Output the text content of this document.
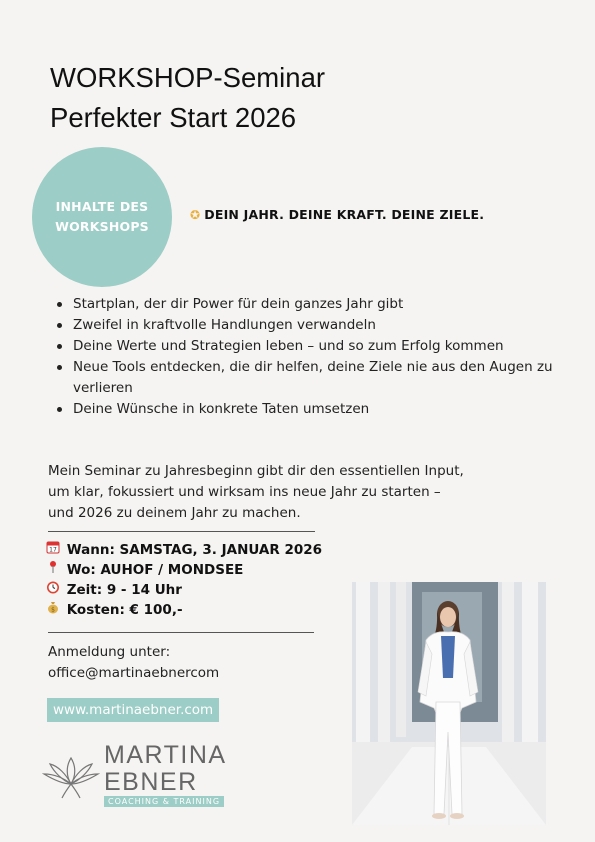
WORKSHOP-Seminar
Perfekter Start 2026
INHALTE DES WORKSHOPS
✪ DEIN JAHR. DEINE KRAFT. DEINE ZIELE.
Startplan, der dir Power für dein ganzes Jahr gibt
Zweifel in kraftvolle Handlungen verwandeln
Deine Werte und Strategien leben – und so zum Erfolg kommen
Neue Tools entdecken, die dir helfen, deine Ziele nie aus den Augen zu verlieren
Deine Wünsche in konkrete Taten umsetzen
Mein Seminar zu Jahresbeginn gibt dir den essentiellen Input,
um klar, fokussiert und wirksam ins neue Jahr zu starten –
und 2026 zu deinem Jahr zu machen.
17 Wann: SAMSTAG, 3. JANUAR 2026
Wo: AUHOF / MONDSEE
Zeit: 9 - 14 Uhr
$ Kosten: € 100,-
Anmeldung unter:
office@martinaebnercom
www.martinaebner.com
MARTINA
EBNER
COACHING & TRAINING
